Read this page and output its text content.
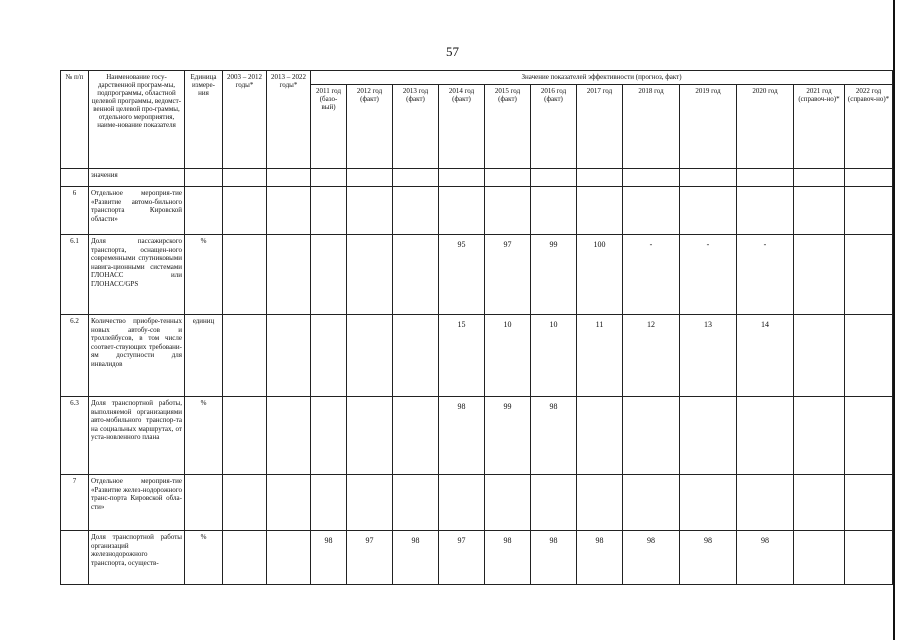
57
№ п/п	Наименование госу-дарственной програм-мы, подпрограммы, областной целевой программы, ведомст-венной целевой про-граммы, отдельного мероприятия, наиме-нование показателя	Единица измере-ния	2003 – 2012 годы*	2013 – 2022 годы*	Значение показателей эффективности (прогноз, факт)											
					2011 год (базо-вый)	2012 год (факт)	2013 год (факт)	2014 год (факт)	2015 год (факт)	2016 год (факт)	2017 год	2018 год	2019 год	2020 год	2021 год (справоч-но)*	2022 год (справоч-но)*
	значения															
6	Отдельное мероприя-тие «Развитие автомо-бильного транспорта Кировской области»															
6.1	Доля пассажирского транспорта, оснащен-ного современными спутниковыми навига-ционными системами ГЛОНАСС или ГЛОНАСС/GPS	%						95	97	99	100	-	-	-		
6.2	Количество приобре-тенных новых автобу-сов и троллейбусов, в том числе соответ-ствующих требовани-ям доступности для инвалидов	единиц						15	10	10	11	12	13	14		
6.3	Доля транспортной работы, выполняемой организациями авто-мобильного транспор-та на социальных маршрутах, от уста-новленного плана	%						98	99	98						
7	Отдельное мероприя-тие «Развитие желез-нодорожного транс-порта Кировской обла-сти»															
	Доля транспортной работы организаций железнодорожного транспорта, осуществ-	%			98	97	98	97	98	98	98	98	98	98		
